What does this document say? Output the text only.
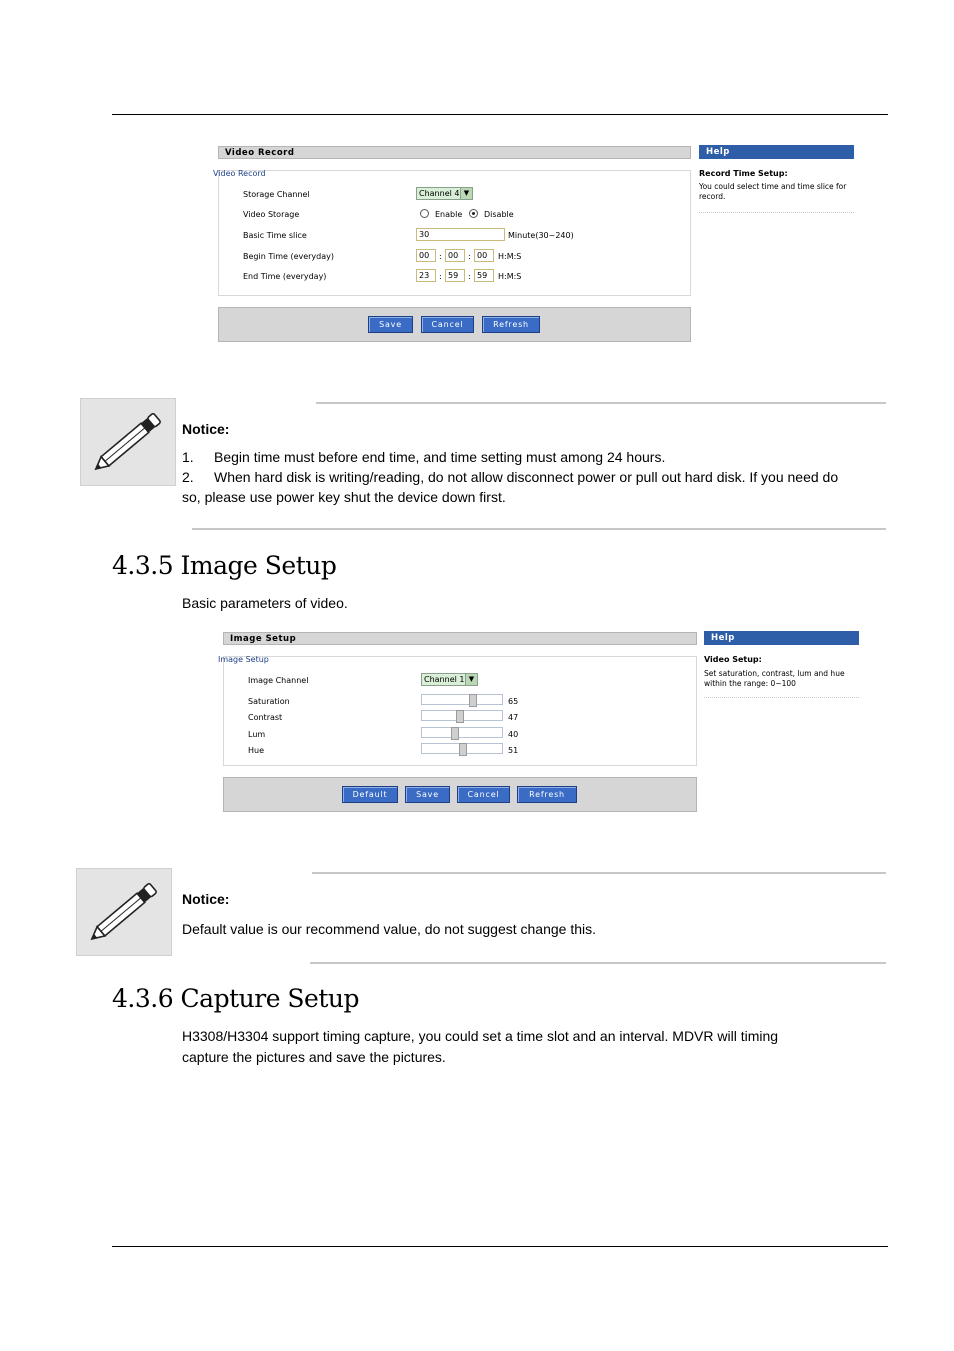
Video Record	Help
Video Record
Storage Channel	Channel 4 ▼
Video Storage	Enable	Disable
Basic Time slice	30	Minute(30~240)
Begin Time (everyday)	00	: 00	: 00	H:M:S
End Time (everyday)	23	: 59	: 59	H:M:S
Save	Cancel	Refresh
Record Time Setup:
You could select time and time slice for record.
Notice:
1. Begin time must before end time, and time setting must among 24 hours.
2. When hard disk is writing/reading, do not allow disconnect power or pull out hard disk. If you need do
so, please use power key shut the device down first.
4.3.5 Image Setup
Basic parameters of video.
Image Setup	Help
Image Setup
Image Channel	Channel 1 ▼
Saturation	65
Contrast	47
Lum	40
Hue	51
Default	Save	Cancel	Refresh
Video Setup:
Set saturation, contrast, lum and hue within the range: 0~100
Notice:
Default value is our recommend value, do not suggest change this.
4.3.6 Capture Setup
H3308/H3304 support timing capture, you could set a time slot and an interval. MDVR will timing
capture the pictures and save the pictures.
